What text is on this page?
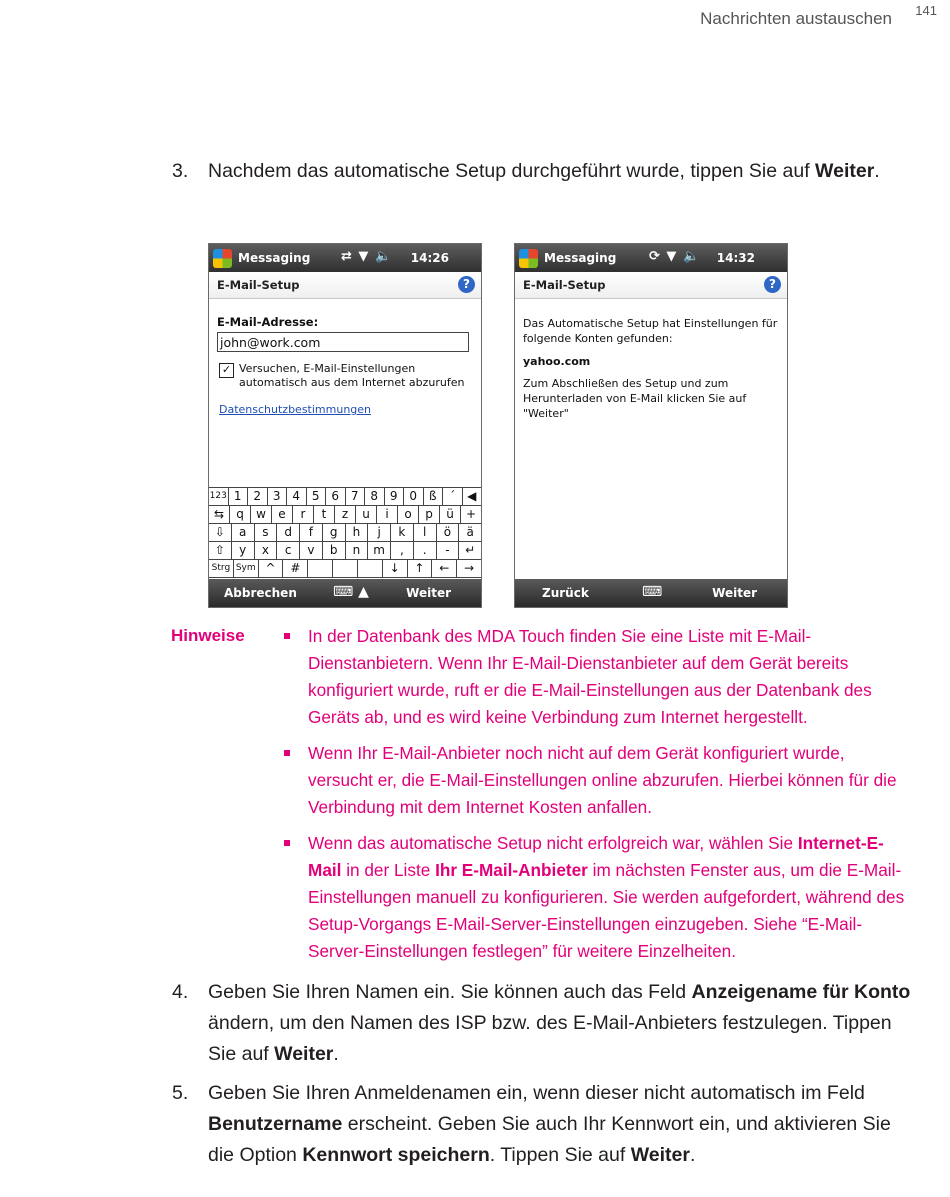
Nachrichten austauschen 141
3. Nachdem das automatische Setup durchgeführt wurde, tippen Sie auf Weiter.
Messaging ⇄ ▼ 🔈 14:26
E-Mail-Setup	?
E-Mail-Adresse:
john@work.com
✓ Versuchen, E-Mail-Einstellungen automatisch aus dem Internet abzurufen
Datenschutzbestimmungen
123 1 2 3 4 5 6 7 8 9 0 ß	´ ◀
⇆	q	w	e	r	t	z	u	i	o	p	ü	+
⇩	a	s	d	f	g	h	j	k	l	ö	ä
⇧	y	x	c	v	b	n	m	,	.	-	↵
Strg Sym ^	#	↓	↑	←	→
Abbrechen	⌨ ▲	Weiter
Messaging	⟳ ▼ 🔈 14:32
E-Mail-Setup	?
Das Automatische Setup hat Einstellungen für folgende Konten gefunden:
yahoo.com
Zum Abschließen des Setup und zum Herunterladen von E-Mail klicken Sie auf "Weiter"
Zurück	⌨	Weiter
Hinweise	In der Datenbank des MDA Touch finden Sie eine Liste mit E-Mail-Dienstanbietern. Wenn Ihr E-Mail-Dienstanbieter auf dem Gerät bereits konfiguriert wurde, ruft er die E-Mail-Einstellungen aus der Datenbank des Geräts ab, und es wird keine Verbindung zum Internet hergestellt.
Wenn Ihr E-Mail-Anbieter noch nicht auf dem Gerät konfiguriert wurde, versucht er, die E-Mail-Einstellungen online abzurufen. Hierbei können für die Verbindung mit dem Internet Kosten anfallen.
Wenn das automatische Setup nicht erfolgreich war, wählen Sie Internet-E-Mail in der Liste Ihr E-Mail-Anbieter im nächsten Fenster aus, um die E-Mail-Einstellungen manuell zu konfigurieren. Sie werden aufgefordert, während des Setup-Vorgangs E-Mail-Server-Einstellungen einzugeben. Siehe “E-Mail-Server-Einstellungen festlegen” für weitere Einzelheiten.
4. Geben Sie Ihren Namen ein. Sie können auch das Feld Anzeigename für Konto ändern, um den Namen des ISP bzw. des E-Mail-Anbieters festzulegen. Tippen Sie auf Weiter.
5. Geben Sie Ihren Anmeldenamen ein, wenn dieser nicht automatisch im Feld Benutzername erscheint. Geben Sie auch Ihr Kennwort ein, und aktivieren Sie die Option Kennwort speichern. Tippen Sie auf Weiter.
